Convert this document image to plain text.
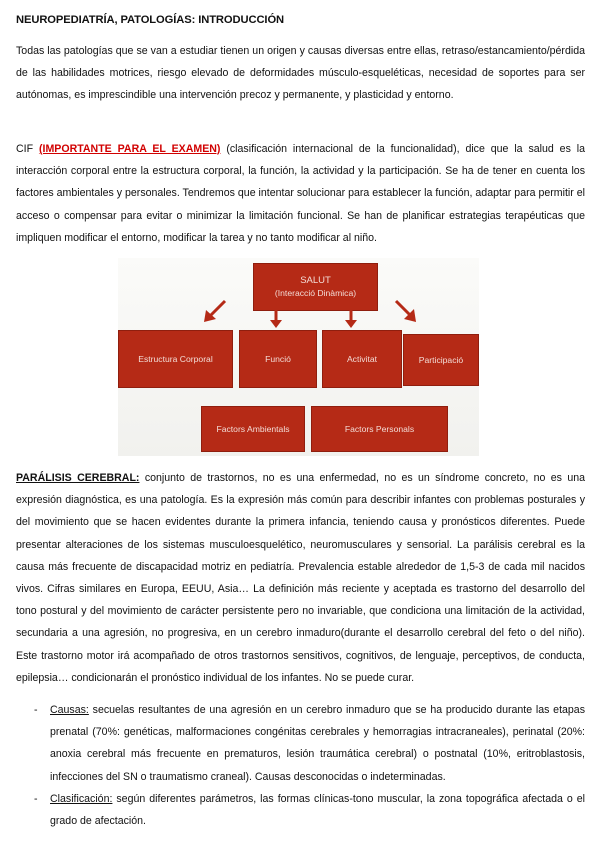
NEUROPEDIATRÍA, PATOLOGÍAS: INTRODUCCIÓN

Todas las patologías que se van a estudiar tienen un origen y causas diversas entre ellas, retraso/estancamiento/pérdida de las habilidades motrices, riesgo elevado de deformidades músculo-esqueléticas, necesidad de soportes para ser autónomas, es imprescindible una intervención precoz y permanente, y plasticidad y entorno.

CIF (IMPORTANTE PARA EL EXAMEN) (clasificación internacional de la funcionalidad), dice que la salud es la interacción corporal entre la estructura corporal, la función, la actividad y la participación. Se ha de tener en cuenta los factores ambientales y personales. Tendremos que intentar solucionar para establecer la función, adaptar para permitir el acceso o compensar para evitar o minimizar la limitación funcional. Se han de planificar estrategias terapéuticas que impliquen modificar el entorno, modificar la tarea y no tanto modificar al niño.

SALUT
(Interacció Dinàmica)
Estructura Corporal	Funció	Activitat	Participació
Factors Ambientals	Factors Personals

PARÁLISIS CEREBRAL: conjunto de trastornos, no es una enfermedad, no es un síndrome concreto, no es una expresión diagnóstica, es una patología. Es la expresión más común para describir infantes con problemas posturales y del movimiento que se hacen evidentes durante la primera infancia, teniendo causa y pronósticos diferentes. Puede presentar alteraciones de los sistemas musculoesquelético, neuromusculares y sensorial. La parálisis cerebral es la causa más frecuente de discapacidad motriz en pediatría. Prevalencia estable alrededor de 1,5-3 de cada mil nacidos vivos. Cifras similares en Europa, EEUU, Asia… La definición más reciente y aceptada es trastorno del desarrollo del tono postural y del movimiento de carácter persistente pero no invariable, que condiciona una limitación de la actividad, secundaria a una agresión, no progresiva, en un cerebro inmaduro(durante el desarrollo cerebral del feto o del niño). Este trastorno motor irá acompañado de otros trastornos sensitivos, cognitivos, de lenguaje, perceptivos, de conducta, epilepsia… condicionarán el pronóstico individual de los infantes. No se puede curar.

- Causas: secuelas resultantes de una agresión en un cerebro inmaduro que se ha producido durante las etapas prenatal (70%: genéticas, malformaciones congénitas cerebrales y hemorragias intracraneales), perinatal (20%: anoxia cerebral más frecuente en prematuros, lesión traumática cerebral) o postnatal (10%, eritroblastosis, infecciones del SN o traumatismo craneal). Causas desconocidas o indeterminadas.
- Clasificación: según diferentes parámetros, las formas clínicas-tono muscular, la zona topográfica afectada o el grado de afectación.
